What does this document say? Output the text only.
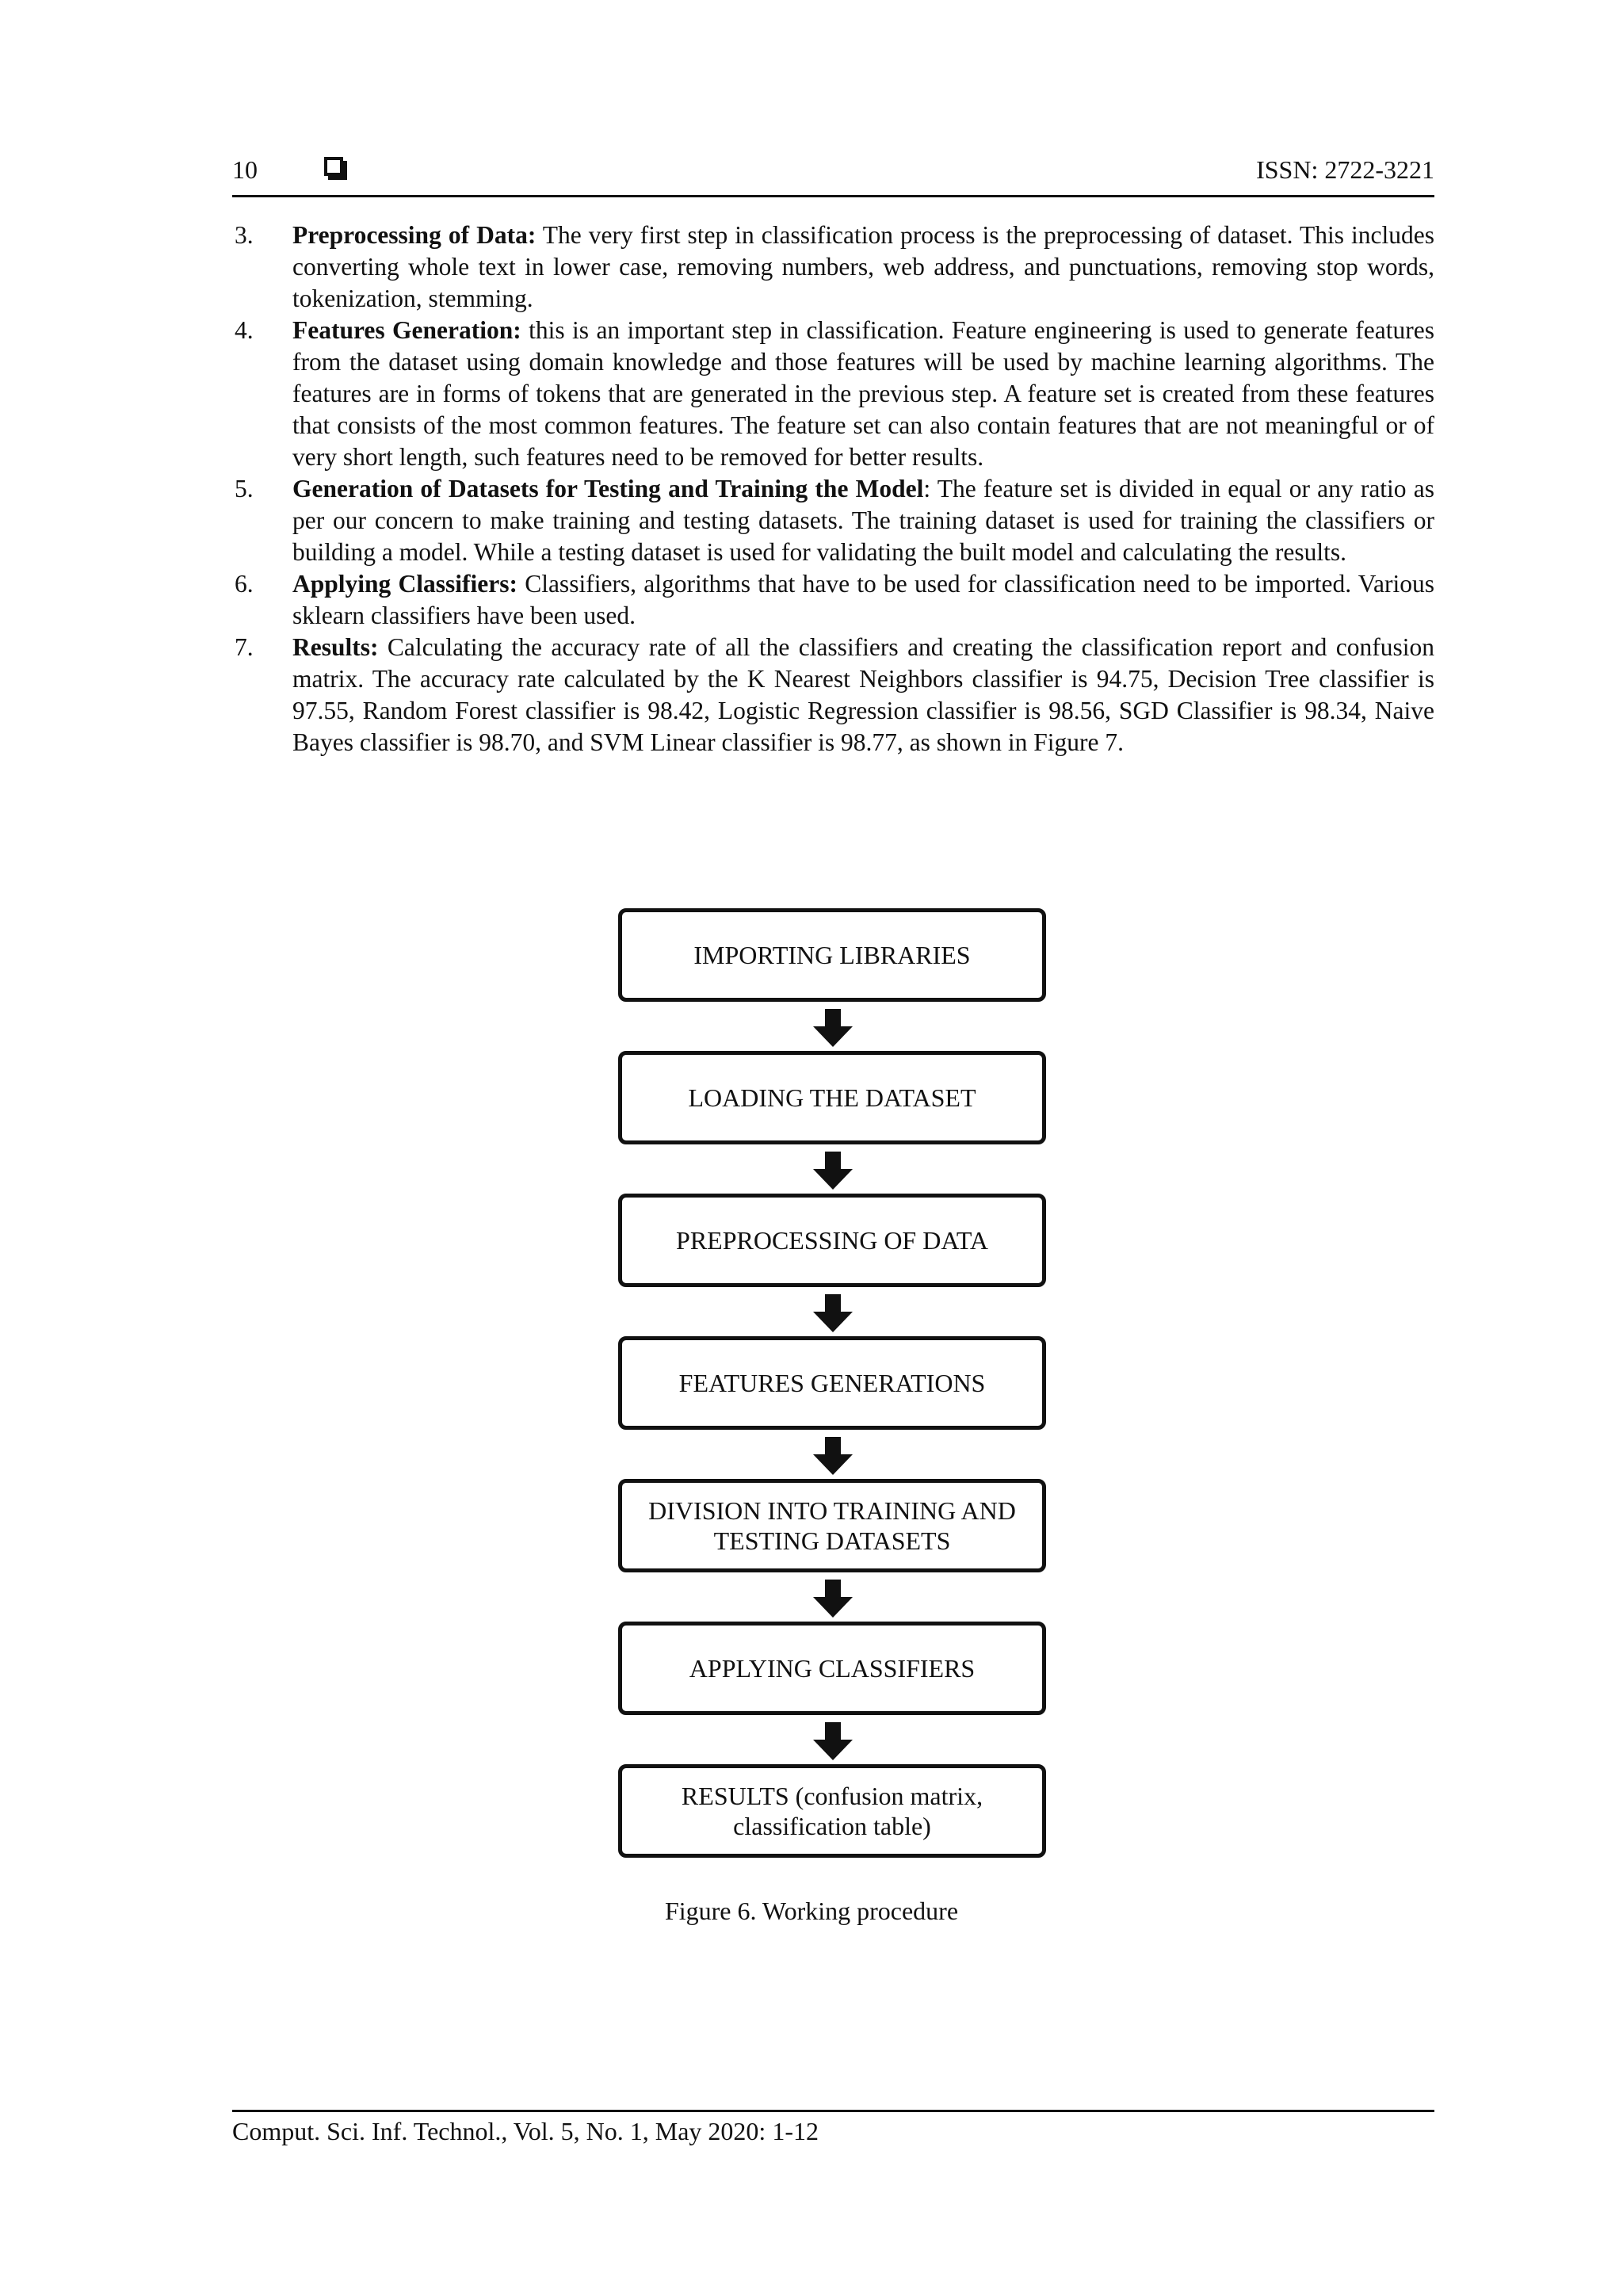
10	ISSN: 2722-3221
3. Preprocessing of Data: The very first step in classification process is the preprocessing of dataset. This includes converting whole text in lower case, removing numbers, web address, and punctuations, removing stop words, tokenization, stemming.
4. Features Generation: this is an important step in classification. Feature engineering is used to generate features from the dataset using domain knowledge and those features will be used by machine learning algorithms. The features are in forms of tokens that are generated in the previous step. A feature set is created from these features that consists of the most common features. The feature set can also contain features that are not meaningful or of very short length, such features need to be removed for better results.
5. Generation of Datasets for Testing and Training the Model: The feature set is divided in equal or any ratio as per our concern to make training and testing datasets. The training dataset is used for training the classifiers or building a model. While a testing dataset is used for validating the built model and calculating the results.
6. Applying Classifiers: Classifiers, algorithms that have to be used for classification need to be imported. Various sklearn classifiers have been used.
7. Results: Calculating the accuracy rate of all the classifiers and creating the classification report and confusion matrix. The accuracy rate calculated by the K Nearest Neighbors classifier is 94.75, Decision Tree classifier is 97.55, Random Forest classifier is 98.42, Logistic Regression classifier is 98.56, SGD Classifier is 98.34, Naive Bayes classifier is 98.70, and SVM Linear classifier is 98.77, as shown in Figure 7.
IMPORTING LIBRARIES
LOADING THE DATASET
PREPROCESSING OF DATA
FEATURES GENERATIONS
DIVISION INTO TRAINING AND TESTING DATASETS
APPLYING CLASSIFIERS
RESULTS (confusion matrix, classification table)
Figure 6. Working procedure
Comput. Sci. Inf. Technol., Vol. 5, No. 1, May 2020: 1-12
